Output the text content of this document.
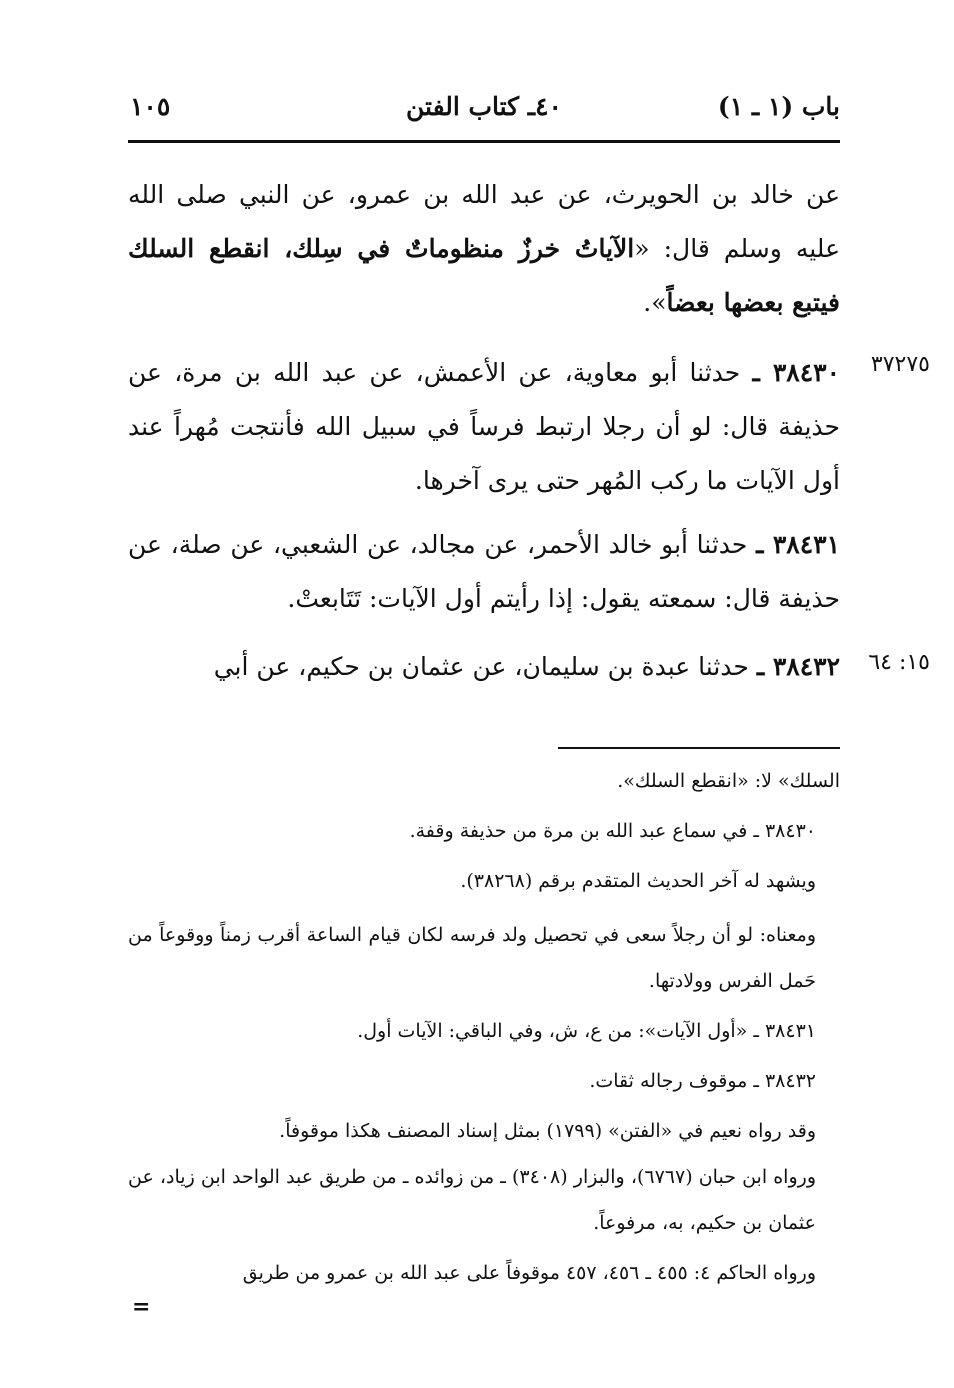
باب (١ ـ ١)
٤٠ـ كتاب الفتن
١٠٥
عن خالد بن الحويرث، عن عبد الله بن عمرو، عن النبي صلى الله عليه وسلم قال: «الآياتُ خرزٌ منظوماتٌ في سِلك، انقطع السلك فيتبع بعضها بعضاً».
٣٧٢٧٥
٣٨٤٣٠ ـ حدثنا أبو معاوية، عن الأعمش، عن عبد الله بن مرة، عن حذيفة قال: لو أن رجلا ارتبط فرساً في سبيل الله فأنتجت مُهراً عند أول الآيات ما ركب المُهر حتى يرى آخرها.
٣٨٤٣١ ـ حدثنا أبو خالد الأحمر، عن مجالد، عن الشعبي، عن صلة، عن حذيفة قال: سمعته يقول: إذا رأيتم أول الآيات: تَتَابعتْ.
١٥: ٦٤
٣٨٤٣٢ ـ حدثنا عبدة بن سليمان، عن عثمان بن حكيم، عن أبي
السلك» لا: «انقطع السلك».
٣٨٤٣٠ ـ في سماع عبد الله بن مرة من حذيفة وقفة.
ويشهد له آخر الحديث المتقدم برقم (٣٨٢٦٨).
ومعناه: لو أن رجلاً سعى في تحصيل ولد فرسه لكان قيام الساعة أقرب زمناً ووقوعاً من حَمل الفرس وولادتها.
٣٨٤٣١ ـ «أول الآيات»: من ع، ش، وفي الباقي: الآيات أول.
٣٨٤٣٢ ـ موقوف رجاله ثقات.
وقد رواه نعيم في «الفتن» (١٧٩٩) بمثل إسناد المصنف هكذا موقوفاً.
ورواه ابن حبان (٦٧٦٧)، والبزار (٣٤٠٨) ـ من زوائده ـ من طريق عبد الواحد ابن زياد، عن عثمان بن حكيم، به، مرفوعاً.
ورواه الحاكم ٤: ٤٥٥ ـ ٤٥٦، ٤٥٧ موقوفاً على عبد الله بن عمرو من طريق
=
